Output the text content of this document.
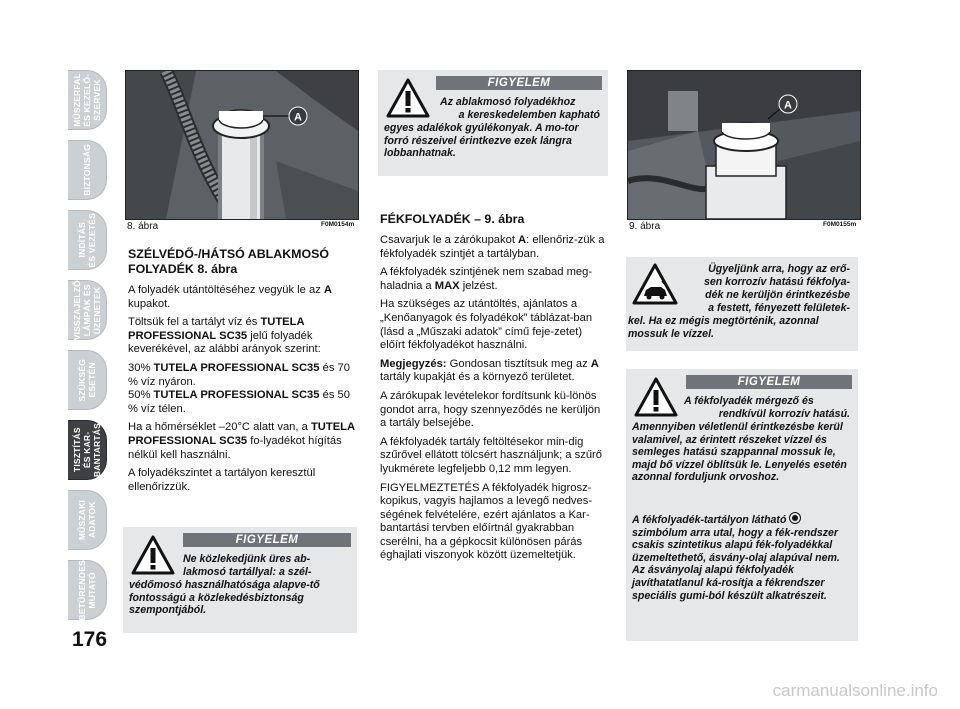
MŰSZERFAL
ÉS KEZELŐ-
SZERVEK
BIZTONSÁG
INDÍTÁS
ÉS VEZETÉS
VISSZAJELZŐ
LÁMPÁK ÉS
ÜZENETEK
SZÜKSÉG
ESETÉN
TISZTÍTÁS
ÉS KAR-
BANTARTÁS
MŰSZAKI
ADATOK
BETŰRENDES
MUTATÓ
176
A
8. ábra	F0M0154m
SZÉLVÉDŐ-/HÁTSÓ ABLAKMOSÓ FOLYADÉK 8. ábra

A folyadék utántöltéséhez vegyük le az A kupakot.

Töltsük fel a tartályt víz és TUTELA PROFESSIONAL SC35 jelű folyadék keverékével, az alábbi arányok szerint:

30% TUTELA PROFESSIONAL SC35 és 70 % víz nyáron.

50% TUTELA PROFESSIONAL SC35 és 50 % víz télen.

Ha a hőmérséklet –20°C alatt van, a TUTELA PROFESSIONAL SC35 fo-lyadékot hígítás nélkül kell használni.

A folyadékszintet a tartályon keresztül ellenőrizzük.

FIGYELEM
Ne közlekedjünk üres ab-
lakmosó tartállyal: a szél-
védőmosó használhatósága alapve-tő fontosságú a közlekedésbiztonság szempontjából.
FIGYELEM
Az ablakmosó folyadékhoz
a kereskedelemben kapható
egyes adalékok gyúlékonyak. A mo-tor forró részeivel érintkezve ezek lángra lobbanhatnak.
FÉKFOLYADÉK – 9. ábra

Csavarjuk le a zárókupakot A: ellenőriz-zük a fékfolyadék szintjét a tartályban.

A fékfolyadék szintjének nem szabad meg-haladnia a MAX jelzést.

Ha szükséges az utántöltés, ajánlatos a „Kenőanyagok és folyadékok” táblázat-ban (lásd a „Műszaki adatok” című feje-zetet) előírt fékfolyadékot használni.

Megjegyzés: Gondosan tisztítsuk meg az A tartály kupakját és a környező területet.

A zárókupak levételekor fordítsunk kü-lönös gondot arra, hogy szennyeződés ne kerüljön a tartály belsejébe.

A fékfolyadék tartály feltöltésekor min-dig szűrővel ellátott tölcsért használjunk; a szűrő lyukmérete legfeljebb 0,12 mm legyen.

FIGYELMEZTETÉS A fékfolyadék higrosz-kopikus, vagyis hajlamos a levegő nedves-ségének felvételére, ezért ajánlatos a Kar-bantartási tervben előírtnál gyakrabban cserélni, ha a gépkocsit különösen párás éghajlati viszonyok között üzemeltetjük.

A
9. ábra	F0M0155m
Ügyeljünk arra, hogy az erő-
sen korrozív hatású fékfolya-
dék ne kerüljön érintkezésbe
a festett, fényezett felületek-
kel. Ha ez mégis megtörténik, azonnal mossuk le vízzel.
FIGYELEM
A fékfolyadék mérgező és
rendkívül korrozív hatású.
Amennyiben véletlenül érintkezésbe kerül valamivel, az érintett részeket vízzel és semleges hatású szappannal mossuk le, majd bő vízzel öblítsük le. Lenyelés esetén azonnal forduljunk orvoshoz.
A fékfolyadék-tartályon látható
szimbólum arra utal, hogy a fék-rendszer csakis szintetikus alapú fék-folyadékkal üzemeltethető, ásvány-olaj alapúval nem. Az ásványolaj alapú fékfolyadék javíthatatlanul ká-rosítja a fékrendszer speciális gumi-ból készült alkatrészeit.
carmanualsonline.info
